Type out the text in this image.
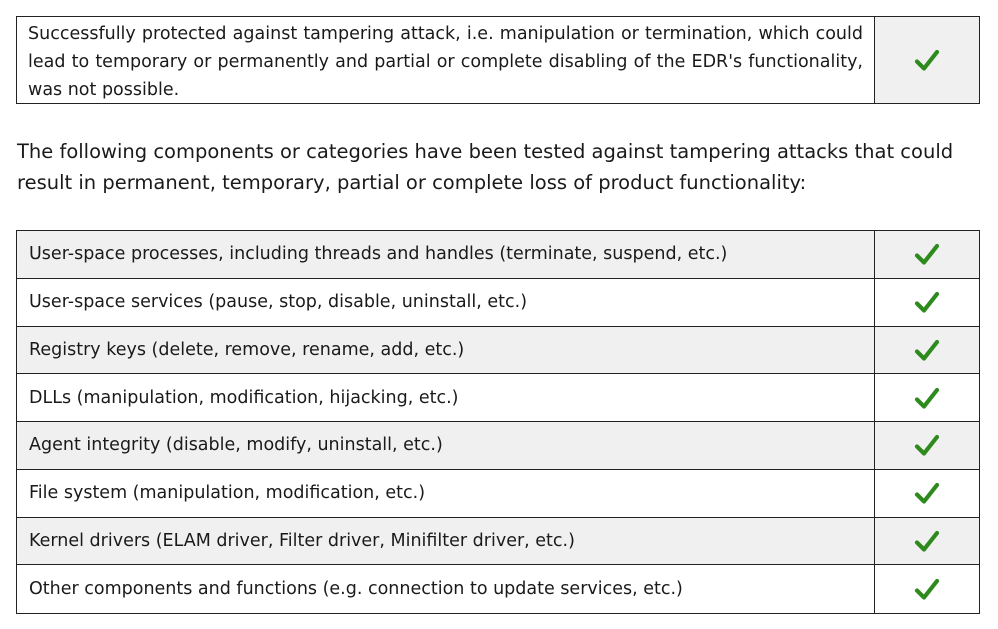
Successfully protected against tampering attack, i.e. manipulation or termination, which could lead to temporary or permanently and partial or complete disabling of the EDR's functionality, was not possible.

The following components or categories have been tested against tampering attacks that could result in permanent, temporary, partial or complete loss of product functionality:

User-space processes, including threads and handles (terminate, suspend, etc.)
User-space services (pause, stop, disable, uninstall, etc.)
Registry keys (delete, remove, rename, add, etc.)
DLLs (manipulation, modification, hijacking, etc.)
Agent integrity (disable, modify, uninstall, etc.)
File system (manipulation, modification, etc.)
Kernel drivers (ELAM driver, Filter driver, Minifilter driver, etc.)
Other components and functions (e.g. connection to update services, etc.)
